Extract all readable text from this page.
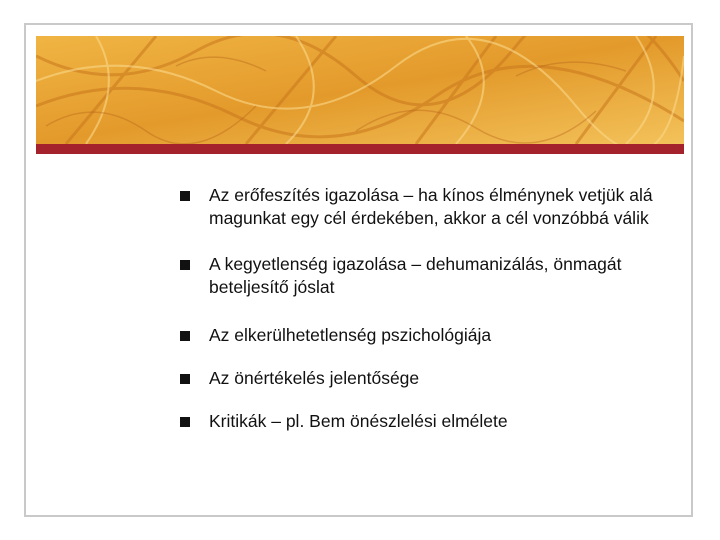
Az erőfeszítés igazolása – ha kínos élménynek vetjük alá magunkat egy cél érdekében, akkor a cél vonzóbbá válik
A kegyetlenség igazolása – dehumanizálás, önmagát beteljesítő jóslat
Az elkerülhetetlenség pszichológiája
Az önértékelés jelentősége
Kritikák – pl. Bem önészlelési elmélete
